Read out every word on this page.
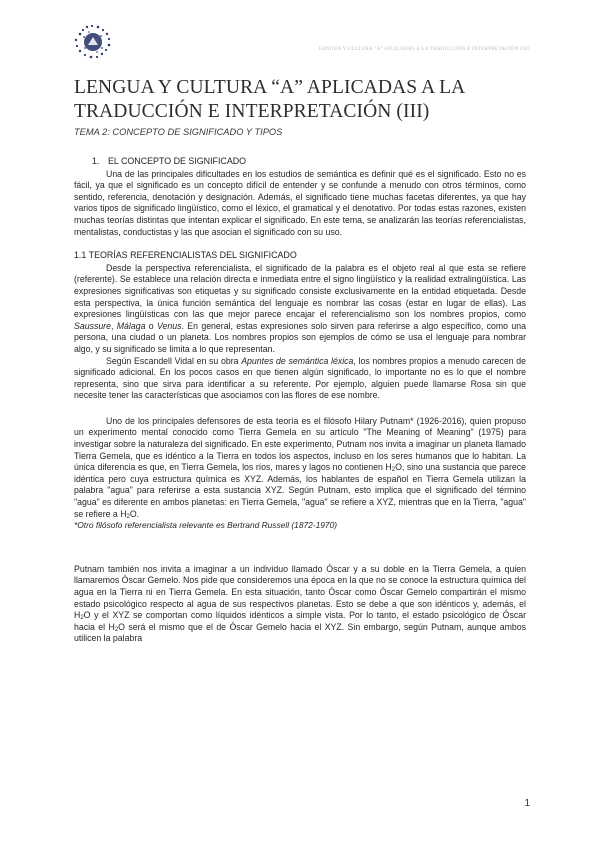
LENGUA Y CULTURA "A" APLICADAS A LA TRADUCCIÓN E INTERPRETACIÓN (III)
LENGUA Y CULTURA “A” APLICADAS A LA TRADUCCIÓN E INTERPRETACIÓN (III)
TEMA 2: CONCEPTO DE SIGNIFICADO Y TIPOS
1. EL CONCEPTO DE SIGNIFICADO

Una de las principales dificultades en los estudios de semántica es definir qué es el significado. Esto no es fácil, ya que el significado es un concepto difícil de entender y se confunde a menudo con otros términos, como sentido, referencia, denotación y designación. Además, el significado tiene muchas facetas diferentes, ya que hay varios tipos de significado lingüístico, como el léxico, el gramatical y el denotativo. Por todas estas razones, existen muchas teorías distintas que intentan explicar el significado. En este tema, se analizarán las teorías referencialistas, mentalistas, conductistas y las que asocian el significado con su uso.

1.1 TEORÍAS REFERENCIALISTAS DEL SIGNIFICADO

Desde la perspectiva referencialista, el significado de la palabra es el objeto real al que esta se refiere (referente). Se establece una relación directa e inmediata entre el signo lingüístico y la realidad extralingüística. Las expresiones significativas son etiquetas y su significado consiste exclusivamente en la entidad etiquetada. Desde esta perspectiva, la única función semántica del lenguaje es nombrar las cosas (estar en lugar de ellas). Las expresiones lingüísticas con las que mejor parece encajar el referencialismo son los nombres propios, como Saussure, Málaga o Venus. En general, estas expresiones solo sirven para referirse a algo específico, como una persona, una ciudad o un planeta. Los nombres propios son ejemplos de cómo se usa el lenguaje para nombrar algo, y su significado se limita a lo que representan.

Según Escandell Vidal en su obra Apuntes de semántica léxica, los nombres propios a menudo carecen de significado adicional. En los pocos casos en que tienen algún significado, lo importante no es lo que el nombre representa, sino que sirva para identificar a su referente. Por ejemplo, alguien puede llamarse Rosa sin que necesite tener las características que asociamos con las flores de ese nombre.

Uno de los principales defensores de esta teoría es el filósofo Hilary Putnam* (1926-2016), quien propuso un experimento mental conocido como Tierra Gemela en su artículo "The Meaning of Meaning" (1975) para investigar sobre la naturaleza del significado. En este experimento, Putnam nos invita a imaginar un planeta llamado Tierra Gemela, que es idéntico a la Tierra en todos los aspectos, incluso en los seres humanos que lo habitan. La única diferencia es que, en Tierra Gemela, los ríos, mares y lagos no contienen $H_2O$, sino una sustancia que parece idéntica pero cuya estructura química es XYZ. Además, los hablantes de español en Tierra Gemela utilizan la palabra "agua" para referirse a esta sustancia XYZ. Según Putnam, esto implica que el significado del término "agua" es diferente en ambos planetas: en Tierra Gemela, "agua" se refiere a XYZ, mientras que en la Tierra, "agua" se refiere a $H_2O$.

*Otro filósofo referencialista relevante es Bertrand Russell (1872-1970)

Putnam también nos invita a imaginar a un individuo llamado Óscar y a su doble en la Tierra Gemela, a quien llamaremos Óscar Gemelo. Nos pide que consideremos una época en la que no se conoce la estructura química del agua en la Tierra ni en Tierra Gemela. En esta situación, tanto Óscar como Óscar Gemelo compartirán el mismo estado psicológico respecto al agua de sus respectivos planetas. Esto se debe a que son idénticos y, además, el $H_2O$ y el XYZ se comportan como líquidos idénticos a simple vista. Por lo tanto, el estado psicológico de Óscar hacia el $H_2O$ será el mismo que el de Óscar Gemelo hacia el XYZ. Sin embargo, según Putnam, aunque ambos utilicen la palabra

1
